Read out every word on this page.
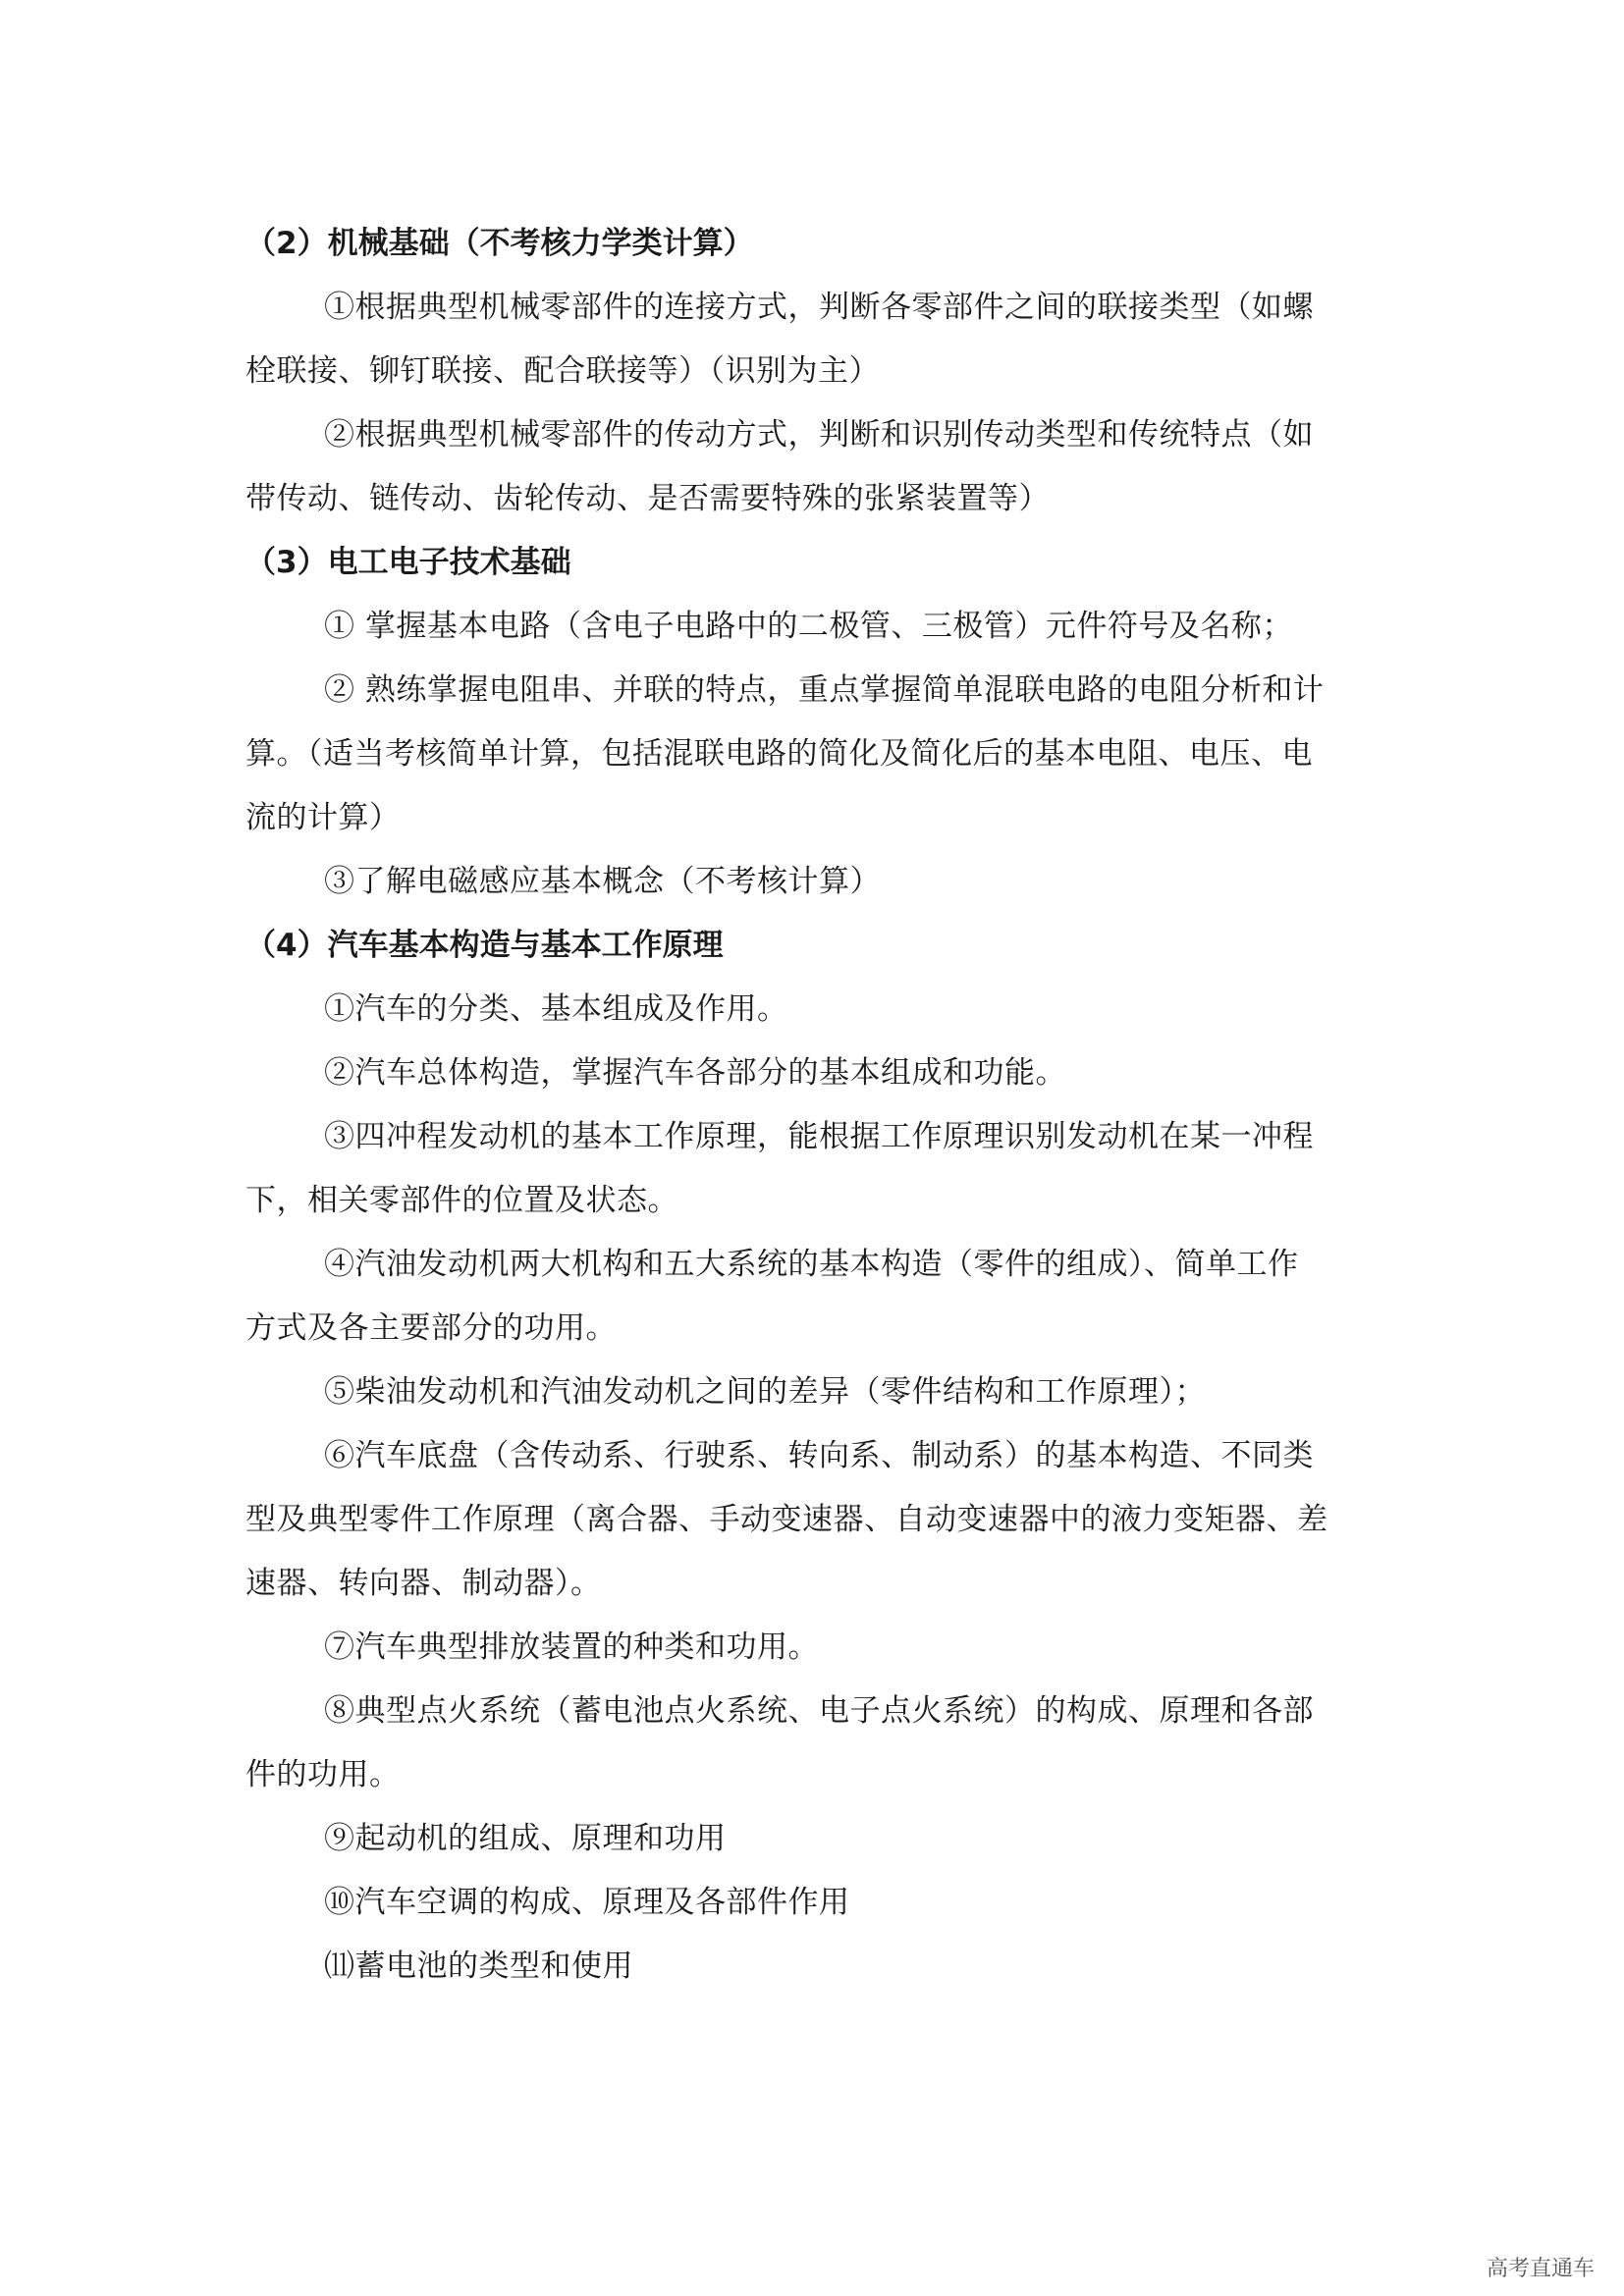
（2）机械基础（不考核力学类计算）
①根据典型机械零部件的连接方式，判断各零部件之间的联接类型（如螺
栓联接、铆钉联接、配合联接等）（识别为主）
②根据典型机械零部件的传动方式，判断和识别传动类型和传统特点（如
带传动、链传动、齿轮传动、是否需要特殊的张紧装置等）
（3）电工电子技术基础
① 掌握基本电路（含电子电路中的二极管、三极管）元件符号及名称；
② 熟练掌握电阻串、并联的特点，重点掌握简单混联电路的电阻分析和计
算。（适当考核简单计算，包括混联电路的简化及简化后的基本电阻、电压、电
流的计算）
③了解电磁感应基本概念（不考核计算）
（4）汽车基本构造与基本工作原理
①汽车的分类、基本组成及作用。
②汽车总体构造，掌握汽车各部分的基本组成和功能。
③四冲程发动机的基本工作原理，能根据工作原理识别发动机在某一冲程
下，相关零部件的位置及状态。
④汽油发动机两大机构和五大系统的基本构造（零件的组成）、简单工作
方式及各主要部分的功用。
⑤柴油发动机和汽油发动机之间的差异（零件结构和工作原理）；
⑥汽车底盘（含传动系、行驶系、转向系、制动系）的基本构造、不同类
型及典型零件工作原理（离合器、手动变速器、自动变速器中的液力变矩器、差
速器、转向器、制动器）。
⑦汽车典型排放装置的种类和功用。
⑧典型点火系统（蓄电池点火系统、电子点火系统）的构成、原理和各部
件的功用。
⑨起动机的组成、原理和功用
⑩汽车空调的构成、原理及各部件作用
⑾蓄电池的类型和使用
高考直通车
